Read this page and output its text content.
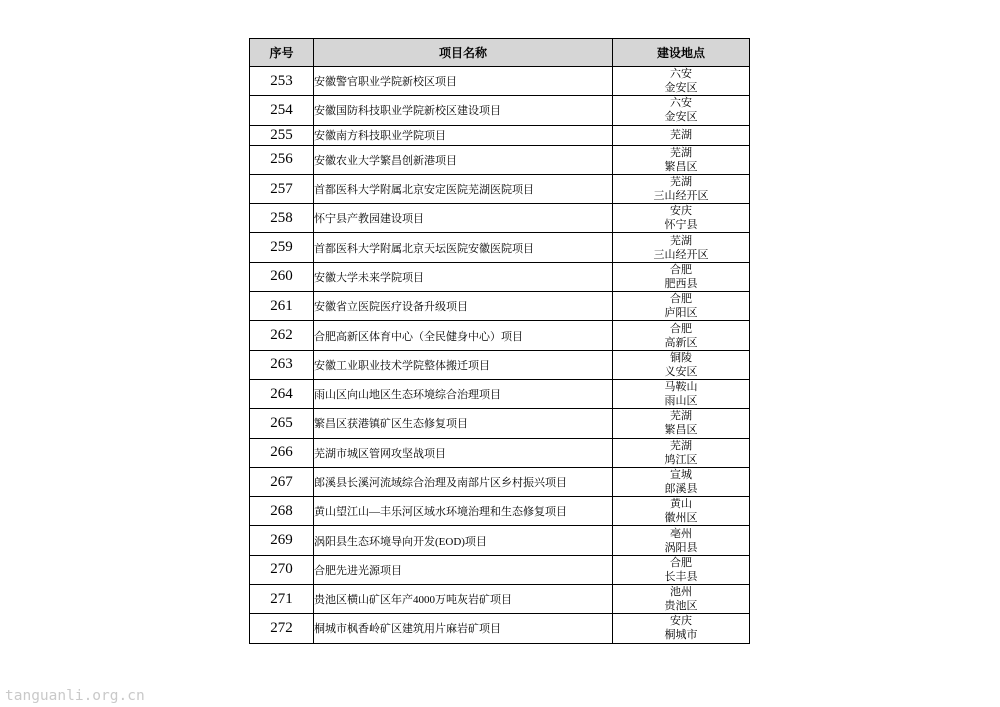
序号	项目名称	建设地点
253	安徽警官职业学院新校区项目	六安
金安区

254	安徽国防科技职业学院新校区建设项目	六安
金安区

255	安徽南方科技职业学院项目	芜湖

256	安徽农业大学繁昌创新港项目	芜湖
繁昌区

257	首都医科大学附属北京安定医院芜湖医院项目	芜湖
三山经开区

258	怀宁县产教园建设项目	安庆
怀宁县

259	首都医科大学附属北京天坛医院安徽医院项目	芜湖
三山经开区

260	安徽大学未来学院项目	合肥
肥西县

261	安徽省立医院医疗设备升级项目	合肥
庐阳区

262	合肥高新区体育中心（全民健身中心）项目	合肥
高新区

263	安徽工业职业技术学院整体搬迁项目	铜陵
义安区

264	雨山区向山地区生态环境综合治理项目	马鞍山
雨山区

265	繁昌区获港镇矿区生态修复项目	芜湖
繁昌区

266	芜湖市城区管网攻坚战项目	芜湖
鸠江区

267	郎溪县长溪河流域综合治理及南部片区乡村振兴项目	宣城
郎溪县

268	黄山望江山—丰乐河区域水环境治理和生态修复项目	黄山
徽州区

269	涡阳县生态环境导向开发(EOD)项目	亳州
涡阳县

270	合肥先进光源项目	合肥
长丰县

271	贵池区横山矿区年产4000万吨灰岩矿项目	池州
贵池区

272	桐城市枫香岭矿区建筑用片麻岩矿项目	安庆
桐城市
tanguanli.org.cn
